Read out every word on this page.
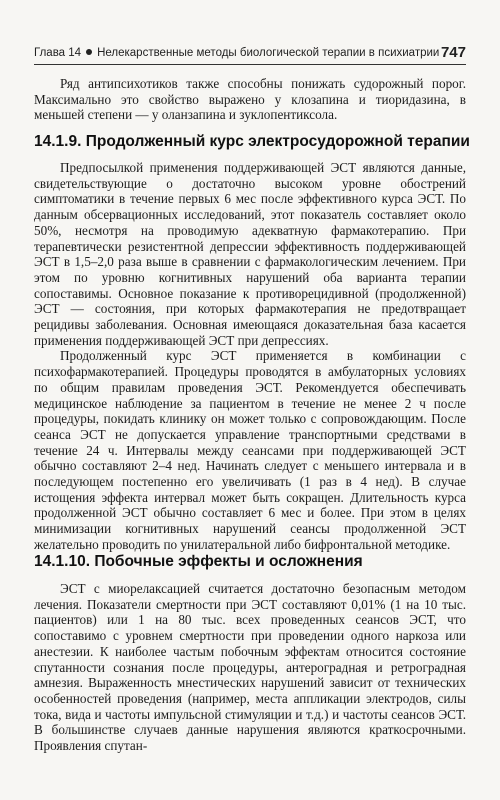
Глава 14 Нелекарственные методы биологической терапии в психиатрии 747

Ряд антипсихотиков также способны понижать судорожный порог. Максимально это свойство выражено у клозапина и тиоридазина, в меньшей степени — у оланзапина и зуклопентиксола.

14.1.9. Продолженный курс электросудорожной терапии

Предпосылкой применения поддерживающей ЭСТ являются данные, свидетельствующие о достаточно высоком уровне обострений симптоматики в течение первых 6 мес после эффективного курса ЭСТ. По данным обсервационных исследований, этот показатель составляет около 50%, несмотря на проводимую адекватную фармакотерапию. При терапевтически резистентной депрессии эффективность поддерживающей ЭСТ в 1,5–2,0 раза выше в сравнении с фармакологическим лечением. При этом по уровню когнитивных нарушений оба варианта терапии сопоставимы. Основное показание к противорецидивной (продолженной) ЭСТ — состояния, при которых фармакотерапия не предотвращает рецидивы заболевания. Основная имеющаяся доказательная база касается применения поддерживающей ЭСТ при депрессиях.

Продолженный курс ЭСТ применяется в комбинации с психофармакотерапией. Процедуры проводятся в амбулаторных условиях по общим правилам проведения ЭСТ. Рекомендуется обеспечивать медицинское наблюдение за пациентом в течение не менее 2 ч после процедуры, покидать клинику он может только с сопровождающим. После сеанса ЭСТ не допускается управление транспортными средствами в течение 24 ч. Интервалы между сеансами при поддерживающей ЭСТ обычно составляют 2–4 нед. Начинать следует с меньшего интервала и в последующем постепенно его увеличивать (1 раз в 4 нед). В случае истощения эффекта интервал может быть сокращен. Длительность курса продолженной ЭСТ обычно составляет 6 мес и более. При этом в целях минимизации когнитивных нарушений сеансы продолженной ЭСТ желательно проводить по унилатеральной либо бифронтальной методике.

14.1.10. Побочные эффекты и осложнения

ЭСТ с миорелаксацией считается достаточно безопасным методом лечения. Показатели смертности при ЭСТ составляют 0,01% (1 на 10 тыс. пациентов) или 1 на 80 тыс. всех проведенных сеансов ЭСТ, что сопоставимо с уровнем смертности при проведении одного наркоза или анестезии. К наиболее частым побочным эффектам относится состояние спутанности сознания после процедуры, антероградная и ретроградная амнезия. Выраженность мнестических нарушений зависит от технических особенностей проведения (например, места аппликации электродов, силы тока, вида и частоты импульсной стимуляции и т.д.) и частоты сеансов ЭСТ. В большинстве случаев данные нарушения являются краткосрочными. Проявления спутан-
